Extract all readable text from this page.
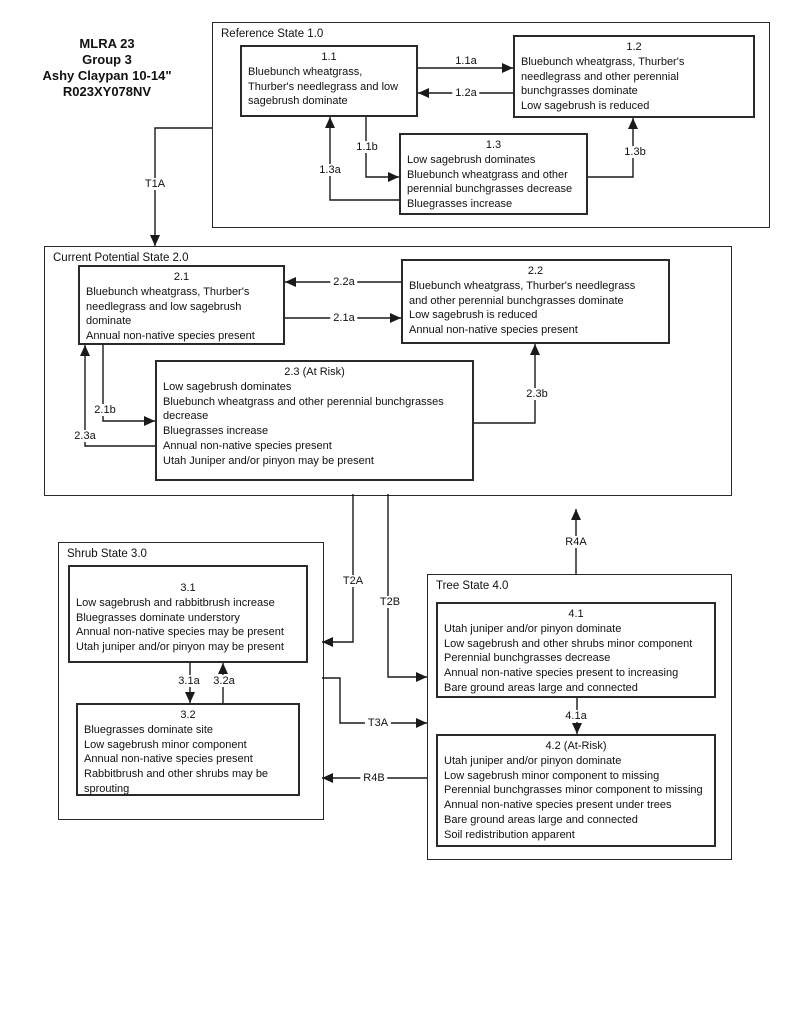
MLRA 23
Group 3
Ashy Claypan 10-14"
R023XY078NV
Reference State 1.0
Current Potential State 2.0
Shrub State 3.0
Tree State 4.0
1.1
Bluebunch wheatgrass,
Thurber's needlegrass and low
sagebrush dominate
1.2
Bluebunch wheatgrass, Thurber's
needlegrass and other perennial
bunchgrasses dominate
Low sagebrush is reduced
1.3
Low sagebrush dominates
Bluebunch wheatgrass and other
perennial bunchgrasses decrease
Bluegrasses increase
2.1
Bluebunch wheatgrass, Thurber's
needlegrass and low sagebrush
dominate
Annual non-native species present
2.2
Bluebunch wheatgrass, Thurber's needlegrass
and other perennial bunchgrasses dominate
Low sagebrush is reduced
Annual non-native species present
2.3 (At Risk)
Low sagebrush dominates
Bluebunch wheatgrass and other perennial bunchgrasses
decrease
Bluegrasses increase
Annual non-native species present
Utah Juniper and/or pinyon may be present
3.1
Low sagebrush and rabbitbrush increase
Bluegrasses dominate understory
Annual non-native species may be present
Utah juniper and/or pinyon may be present
3.2
Bluegrasses dominate site
Low sagebrush minor component
Annual non-native species present
Rabbitbrush and other shrubs may be
sprouting
4.1
Utah juniper and/or pinyon dominate
Low sagebrush and other shrubs minor component
Perennial bunchgrasses decrease
Annual non-native species present to increasing
Bare ground areas large and connected
4.2 (At-Risk)
Utah juniper and/or pinyon dominate
Low sagebrush minor component to missing
Perennial bunchgrasses minor component to missing
Annual non-native species present under trees
Bare ground areas large and connected
Soil redistribution apparent
1.1a
1.2a
1.1b
1.3a
1.3b
T1A
2.2a
2.1a
2.1b
2.3a
2.3b
T2A
T2B
T3A
R4A
R4B
3.1a 3.2a
4.1a
